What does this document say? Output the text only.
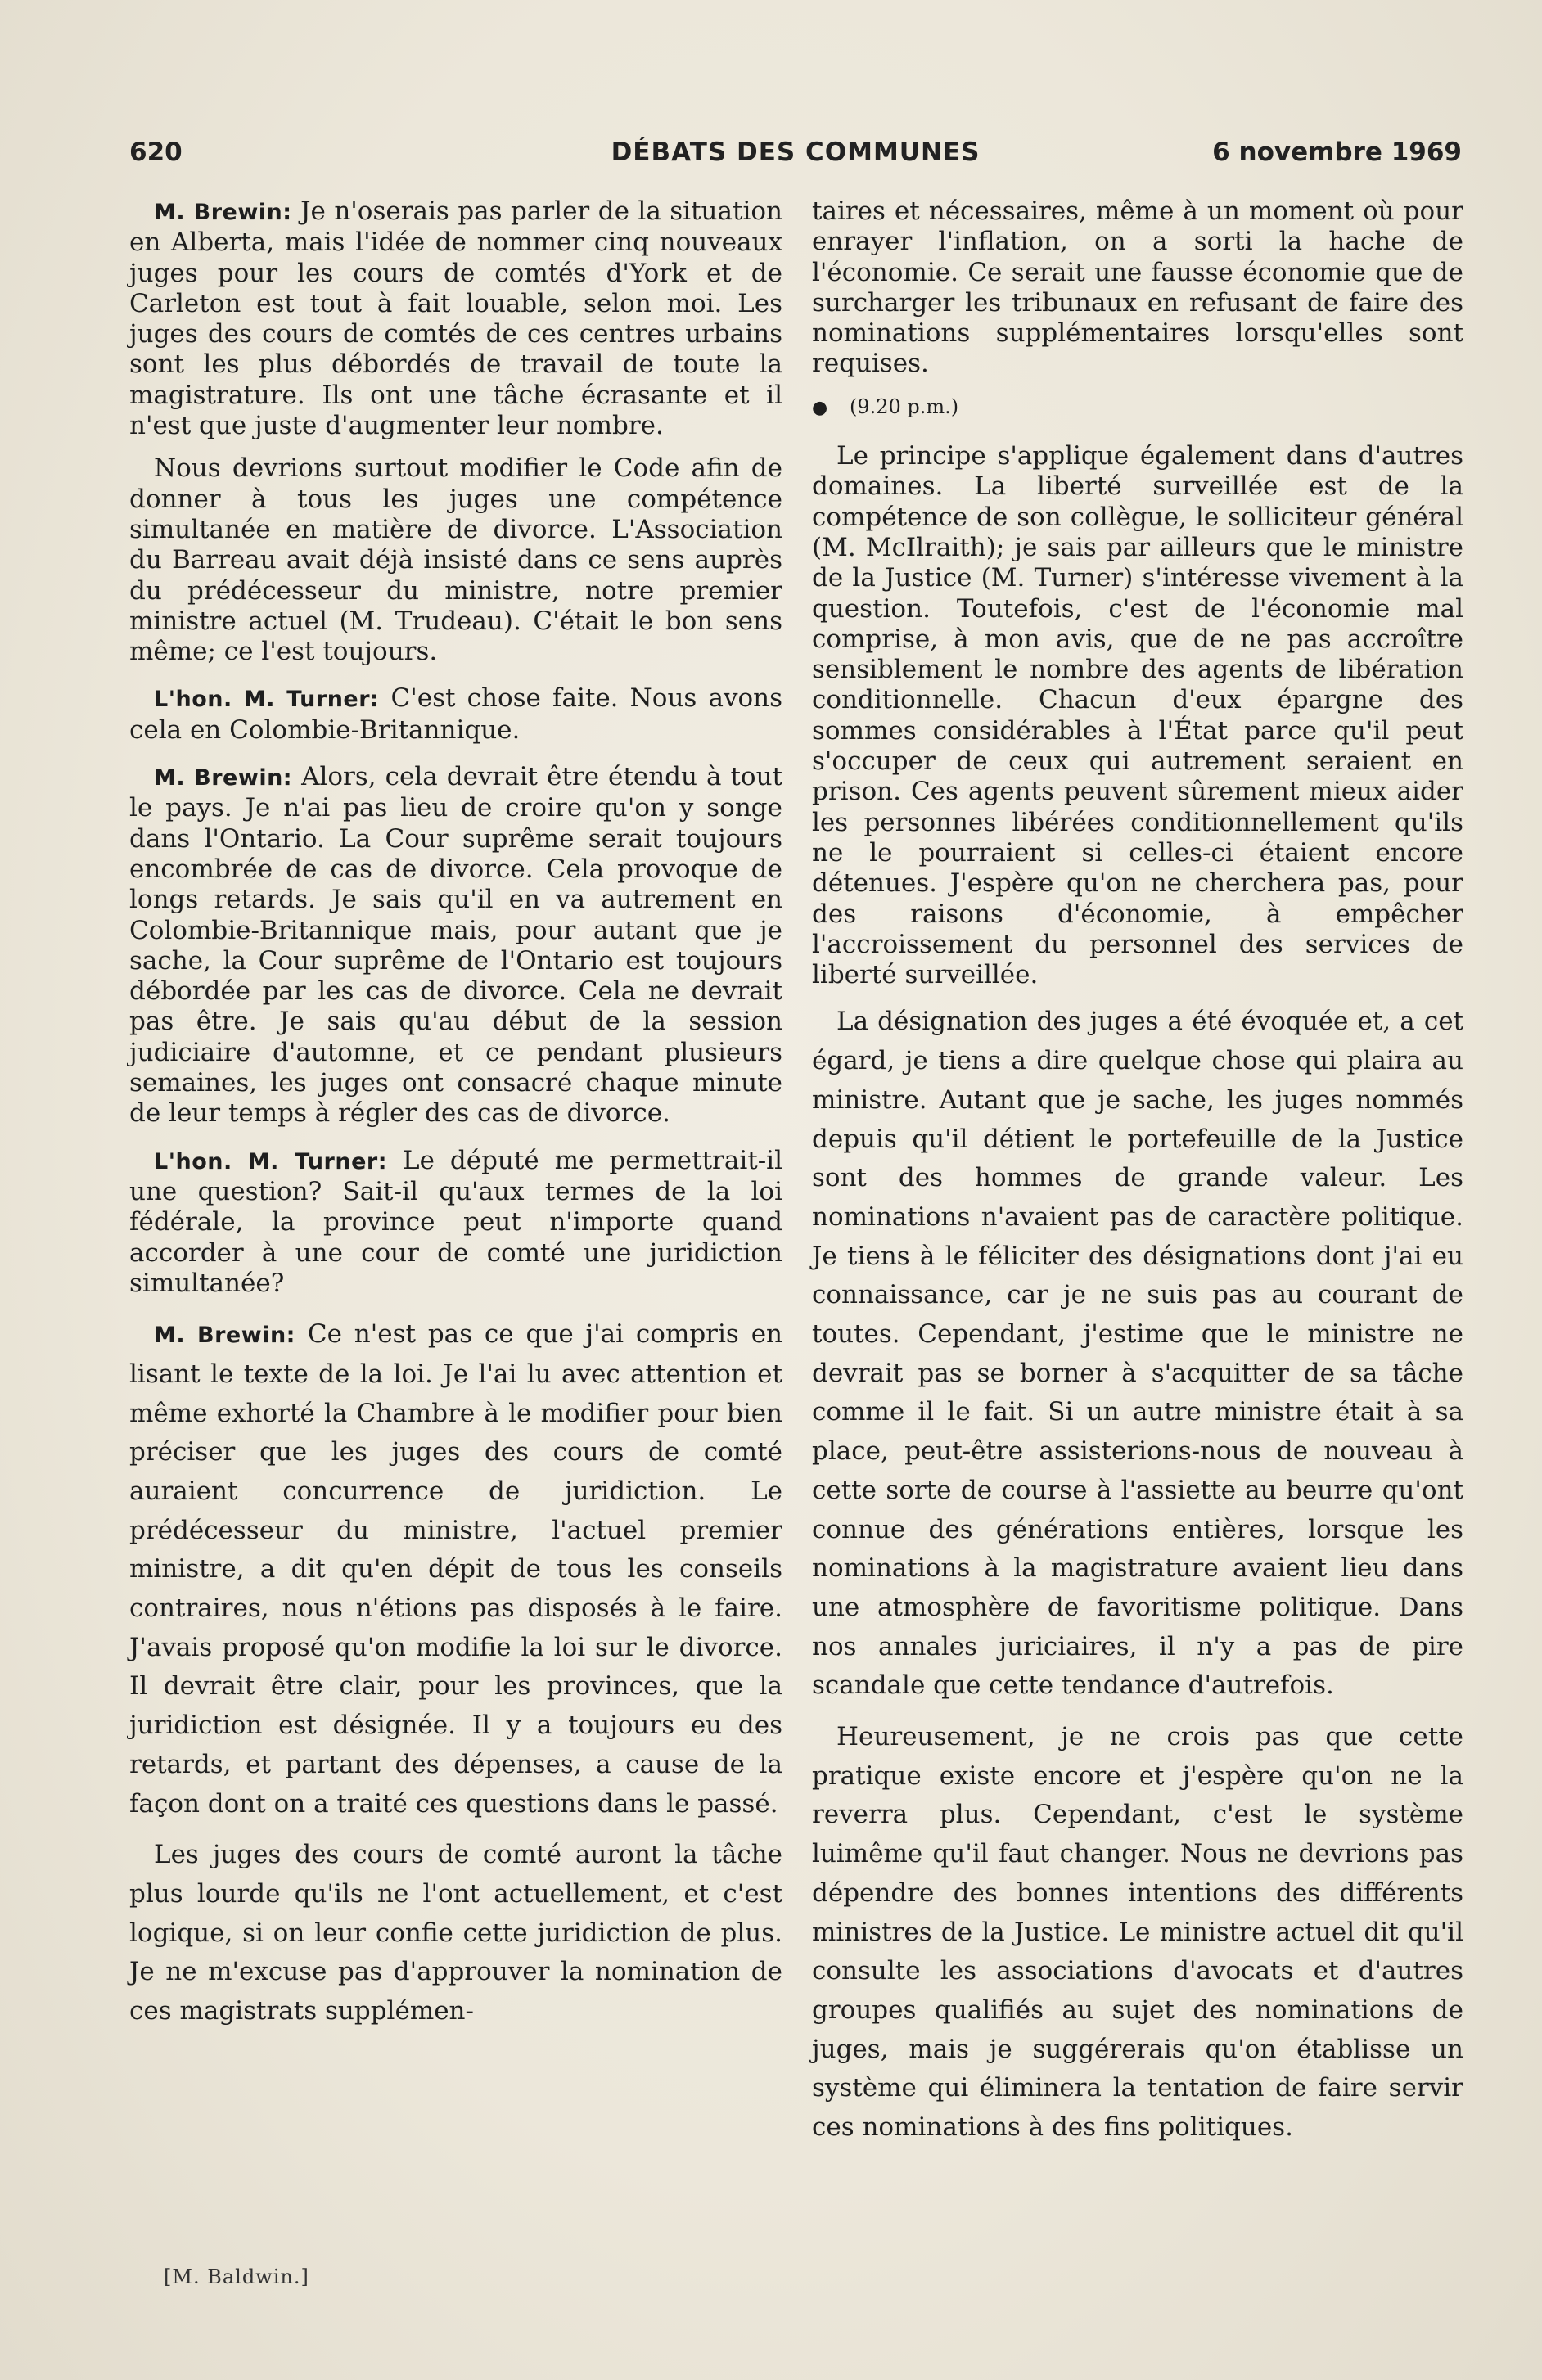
620	DÉBATS DES COMMUNES	6 novembre 1969

M. Brewin: Je n'oserais pas parler de la situation en Alberta, mais l'idée de nommer cinq nouveaux juges pour les cours de comtés d'York et de Carleton est tout à fait louable, selon moi. Les juges des cours de comtés de ces centres urbains sont les plus débordés de travail de toute la magistrature. Ils ont une tâche écrasante et il n'est que juste d'augmenter leur nombre.

Nous devrions surtout modifier le Code afin de donner à tous les juges une compétence simultanée en matière de divorce. L'Association du Barreau avait déjà insisté dans ce sens auprès du prédécesseur du ministre, notre premier ministre actuel (M. Trudeau). C'était le bon sens même; ce l'est toujours.

L'hon. M. Turner: C'est chose faite. Nous avons cela en Colombie-Britannique.

M. Brewin: Alors, cela devrait être étendu à tout le pays. Je n'ai pas lieu de croire qu'on y songe dans l'Ontario. La Cour suprême serait toujours encombrée de cas de divorce. Cela provoque de longs retards. Je sais qu'il en va autrement en Colombie-Britannique mais, pour autant que je sache, la Cour suprême de l'Ontario est toujours débordée par les cas de divorce. Cela ne devrait pas être. Je sais qu'au début de la session judiciaire d'automne, et ce pendant plusieurs semaines, les juges ont consacré chaque minute de leur temps à régler des cas de divorce.

L'hon. M. Turner: Le député me permettrait-il une question? Sait-il qu'aux termes de la loi fédérale, la province peut n'importe quand accorder à une cour de comté une juridiction simultanée?

M. Brewin: Ce n'est pas ce que j'ai compris en lisant le texte de la loi. Je l'ai lu avec attention et même exhorté la Chambre à le modifier pour bien préciser que les juges des cours de comté auraient concurrence de juridiction. Le prédécesseur du ministre, l'actuel premier ministre, a dit qu'en dépit de tous les conseils contraires, nous n'étions pas disposés à le faire. J'avais proposé qu'on modifie la loi sur le divorce. Il devrait être clair, pour les provinces, que la juridiction est désignée. Il y a toujours eu des retards, et partant des dépenses, a cause de la façon dont on a traité ces questions dans le passé.

Les juges des cours de comté auront la tâche plus lourde qu'ils ne l'ont actuellement, et c'est logique, si on leur confie cette juridiction de plus. Je ne m'excuse pas d'approuver la nomination de ces magistrats supplémen-

taires et nécessaires, même à un moment où pour enrayer l'inflation, on a sorti la hache de l'économie. Ce serait une fausse économie que de surcharger les tribunaux en refusant de faire des nominations supplémentaires lorsqu'elles sont requises.

● (9.20 p.m.)

Le principe s'applique également dans d'autres domaines. La liberté surveillée est de la compétence de son collègue, le solliciteur général (M. McIlraith); je sais par ailleurs que le ministre de la Justice (M. Turner) s'intéresse vivement à la question. Toutefois, c'est de l'économie mal comprise, à mon avis, que de ne pas accroître sensiblement le nombre des agents de libération conditionnelle. Chacun d'eux épargne des sommes considérables à l'État parce qu'il peut s'occuper de ceux qui autrement seraient en prison. Ces agents peuvent sûrement mieux aider les personnes libérées conditionnellement qu'ils ne le pourraient si celles-ci étaient encore détenues. J'espère qu'on ne cherchera pas, pour des raisons d'économie, à empêcher l'accroissement du personnel des services de liberté surveillée.

La désignation des juges a été évoquée et, a cet égard, je tiens a dire quelque chose qui plaira au ministre. Autant que je sache, les juges nommés depuis qu'il détient le portefeuille de la Justice sont des hommes de grande valeur. Les nominations n'avaient pas de caractère politique. Je tiens à le féliciter des désignations dont j'ai eu connaissance, car je ne suis pas au courant de toutes. Cependant, j'estime que le ministre ne devrait pas se borner à s'acquitter de sa tâche comme il le fait. Si un autre ministre était à sa place, peut-être assisterions-nous de nouveau à cette sorte de course à l'assiette au beurre qu'ont connue des générations entières, lorsque les nominations à la magistrature avaient lieu dans une atmosphère de favoritisme politique. Dans nos annales juriciaires, il n'y a pas de pire scandale que cette tendance d'autrefois.

Heureusement, je ne crois pas que cette pratique existe encore et j'espère qu'on ne la reverra plus. Cependant, c'est le système luimême qu'il faut changer. Nous ne devrions pas dépendre des bonnes intentions des différents ministres de la Justice. Le ministre actuel dit qu'il consulte les associations d'avocats et d'autres groupes qualifiés au sujet des nominations de juges, mais je suggérerais qu'on établisse un système qui éliminera la tentation de faire servir ces nominations à des fins politiques.

[M. Baldwin.]
